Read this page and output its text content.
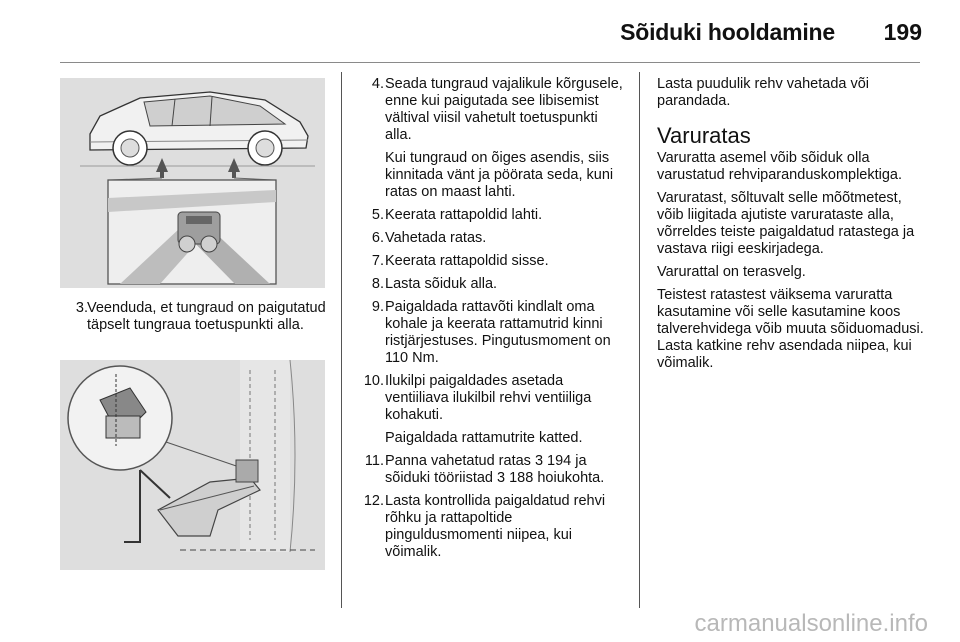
Sõiduki hooldamine 199
3. Veenduda, et tungraud on paigutatud täpselt tungraua toetuspunkti alla.
4. Seada tungraud vajalikule kõrgusele, enne kui paigutada see libisemist vältival viisil vahetult toetuspunkti alla.
Kui tungraud on õiges asendis, siis kinnitada vänt ja pöörata seda, kuni ratas on maast lahti.
5. Keerata rattapoldid lahti.
6. Vahetada ratas.
7. Keerata rattapoldid sisse.
8. Lasta sõiduk alla.
9. Paigaldada rattavõti kindlalt oma kohale ja keerata rattamutrid kinni ristjärjestuses. Pingutusmoment on 110 Nm.
10. Ilukilpi paigaldades asetada ventiiliava ilukilbil rehvi ventiiliga kohakuti.
Paigaldada rattamutrite katted.
11. Panna vahetatud ratas 3 194 ja sõiduki tööriistad 3 188 hoiukohta.
12. Lasta kontrollida paigaldatud rehvi rõhku ja rattapoltide pinguldusmomenti niipea, kui võimalik.

Lasta puudulik rehv vahetada või parandada.

Varuratas

Varuratta asemel võib sõiduk olla varustatud rehviparanduskomplektiga.

Varuratast, sõltuvalt selle mõõtmetest, võib liigitada ajutiste varurataste alla, võrreldes teiste paigaldatud ratastega ja vastava riigi eeskirjadega.

Varurattal on terasvelg.

Teistest ratastest väiksema varuratta kasutamine või selle kasutamine koos talverehvidega võib muuta sõiduomadusi. Lasta katkine rehv asendada niipea, kui võimalik.

carmanualsonline.info
